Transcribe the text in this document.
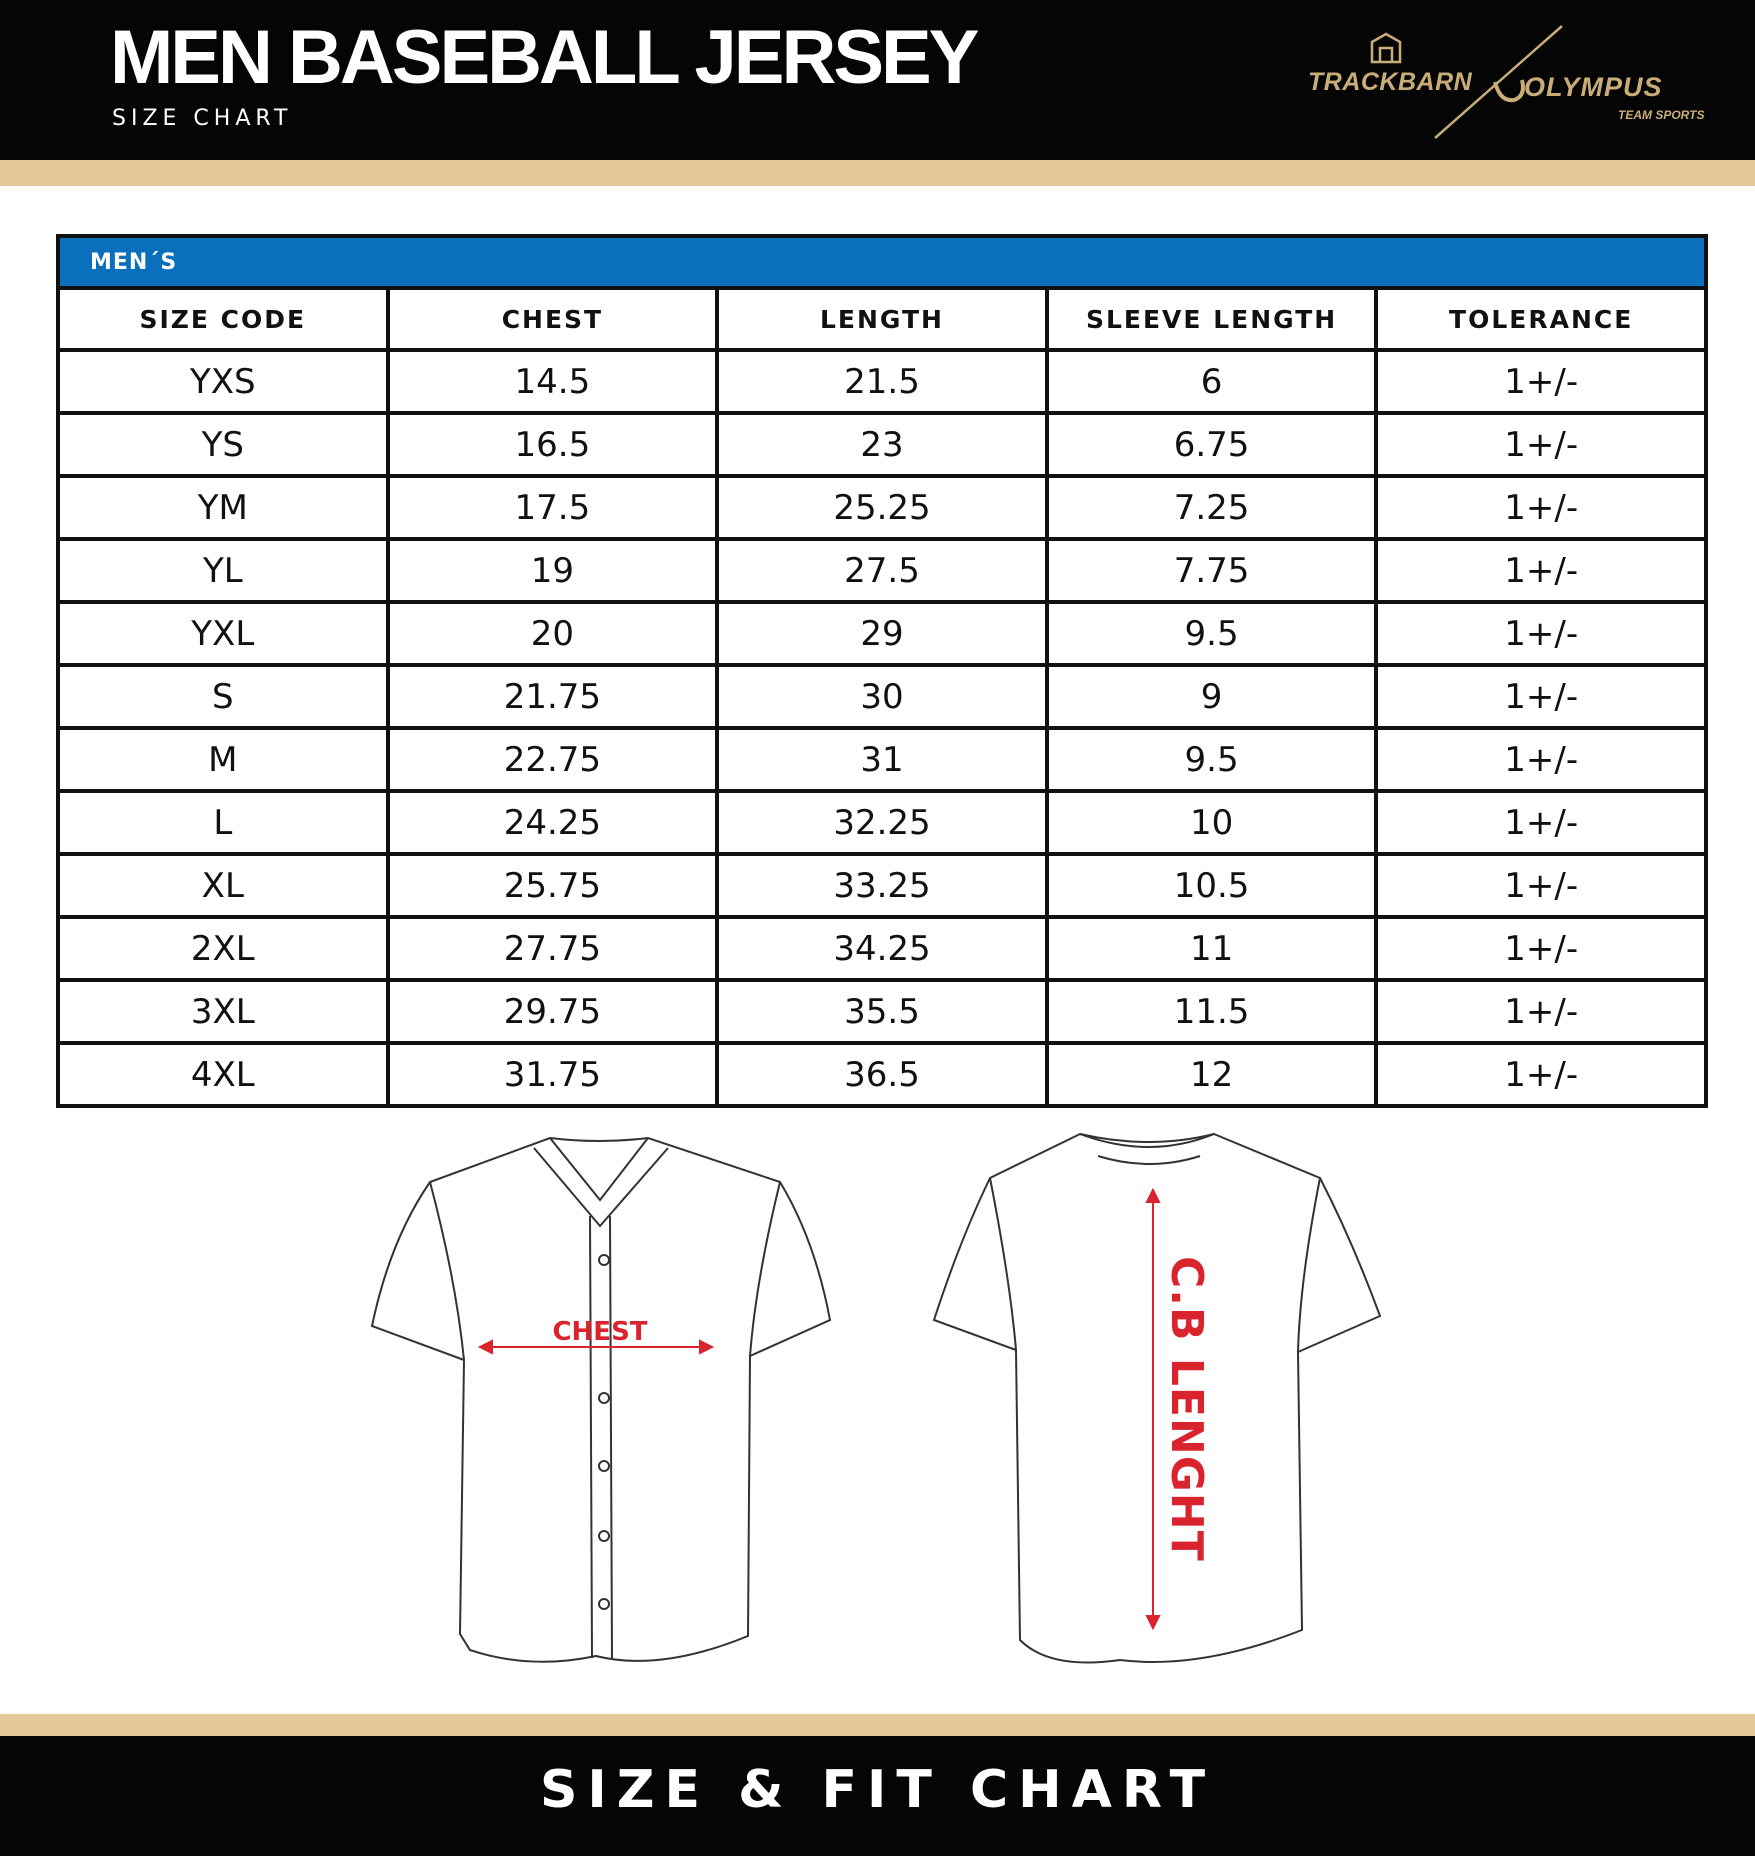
MEN BASEBALL JERSEY
SIZE CHART
TRACKBARN OLYMPUS
TEAM SPORTS
MEN´S
SIZE CODE	CHEST	LENGTH	SLEEVE LENGTH	TOLERANCE
YXS	14.5	21.5	6	1+/-
YS	16.5	23	6.75	1+/-
YM	17.5	25.25	7.25	1+/-
YL	19	27.5	7.75	1+/-
YXL	20	29	9.5	1+/-
S	21.75	30	9	1+/-
M	22.75	31	9.5	1+/-
L	24.25	32.25	10	1+/-
XL	25.75	33.25	10.5	1+/-
2XL	27.75	34.25	11	1+/-
3XL	29.75	35.5	11.5	1+/-
4XL	31.75	36.5	12	1+/-
CHEST	C.B LENGHT
SIZE & FIT CHART
